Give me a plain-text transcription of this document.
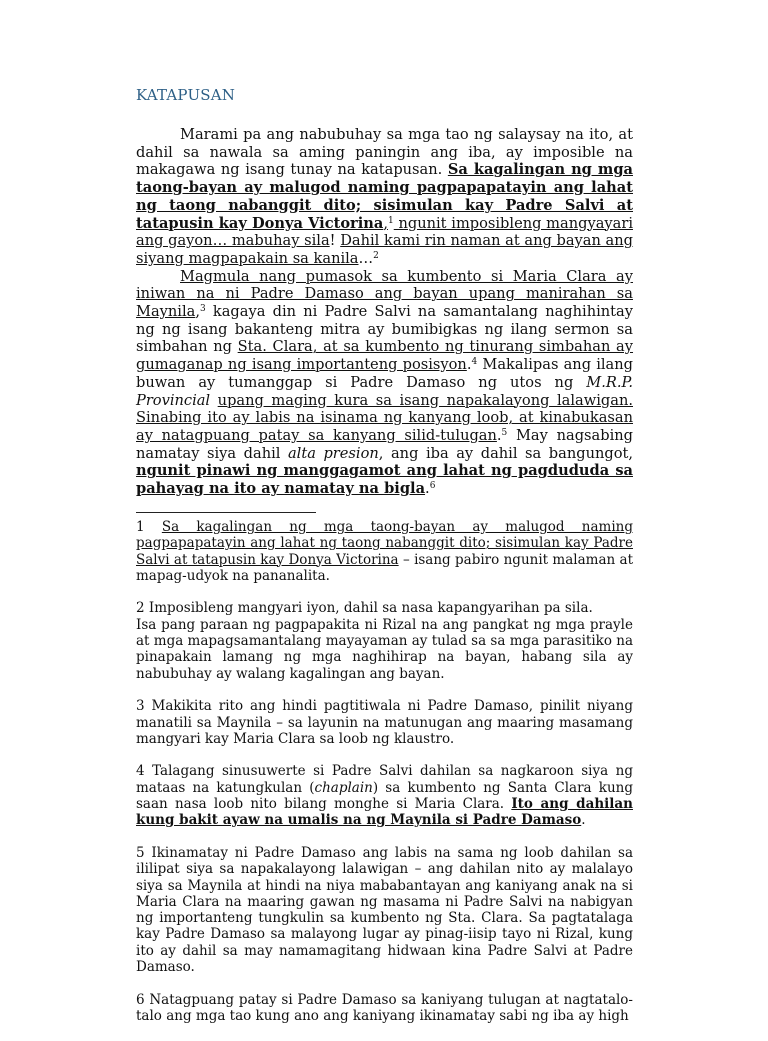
KATAPUSAN

Marami pa ang nabubuhay sa mga tao ng salaysay na ito, at dahil sa nawala sa aming paningin ang iba, ay imposible na makagawa ng isang tunay na katapusan. Sa kagalingan ng mga taong-bayan ay malugod naming pagpapapatayin ang lahat ng taong nabanggit dito; sisimulan kay Padre Salvi at tatapusin kay Donya Victorina,$^1$ ngunit imposibleng mangyayari ang gayon… mabuhay sila! Dahil kami rin naman at ang bayan ang siyang magpapakain sa kanila…$^2$

Magmula nang pumasok sa kumbento si Maria Clara ay iniwan na ni Padre Damaso ang bayan upang manirahan sa Maynila,$^3$ kagaya din ni Padre Salvi na samantalang naghihintay ng ng isang bakanteng mitra ay bumibigkas ng ilang sermon sa simbahan ng Sta. Clara, at sa kumbento ng tinurang simbahan ay gumaganap ng isang importanteng posisyon.$^4$ Makalipas ang ilang buwan ay tumanggap si Padre Damaso ng utos ng M.R.P. Provincial upang maging kura sa isang napakalayong lalawigan. Sinabing ito ay labis na isinama ng kanyang loob, at kinabukasan ay natagpuang patay sa kanyang silid-tulugan.$^5$ May nagsabing namatay siya dahil alta presion, ang iba ay dahil sa bangungot, ngunit pinawi ng manggagamot ang lahat ng pagdududa sa pahayag na ito ay namatay na bigla.$^6$

1 Sa kagalingan ng mga taong-bayan ay malugod naming pagpapapatayin ang lahat ng taong nabanggit dito; sisimulan kay Padre Salvi at tatapusin kay Donya Victorina – isang pabiro ngunit malaman at mapag-udyok na pananalita.

2 Imposibleng mangyari iyon, dahil sa nasa kapangyarihan pa sila.
Isa pang paraan ng pagpapakita ni Rizal na ang pangkat ng mga prayle at mga mapagsamantalang mayayaman ay tulad sa sa mga parasitiko na pinapakain lamang ng mga naghihirap na bayan, habang sila ay nabubuhay ay walang kagalingan ang bayan.

3 Makikita rito ang hindi pagtitiwala ni Padre Damaso, pinilit niyang manatili sa Maynila – sa layunin na matunugan ang maaring masamang mangyari kay Maria Clara sa loob ng klaustro.

4 Talagang sinusuwerte si Padre Salvi dahilan sa nagkaroon siya ng mataas na katungkulan (chaplain) sa kumbento ng Santa Clara kung saan nasa loob nito bilang monghe si Maria Clara. Ito ang dahilan kung bakit ayaw na umalis na ng Maynila si Padre Damaso.

5 Ikinamatay ni Padre Damaso ang labis na sama ng loob dahilan sa ililipat siya sa napakalayong lalawigan – ang dahilan nito ay malalayo siya sa Maynila at hindi na niya mababantayan ang kaniyang anak na si Maria Clara na maaring gawan ng masama ni Padre Salvi na nabigyan ng importanteng tungkulin sa kumbento ng Sta. Clara. Sa pagtatalaga kay Padre Damaso sa malayong lugar ay pinag-iisip tayo ni Rizal, kung ito ay dahil sa may namamagitang hidwaan kina Padre Salvi at Padre Damaso.

6 Natagpuang patay si Padre Damaso sa kaniyang tulugan at nagtatalo-talo ang mga tao kung ano ang kaniyang ikinamatay sabi ng iba ay high
